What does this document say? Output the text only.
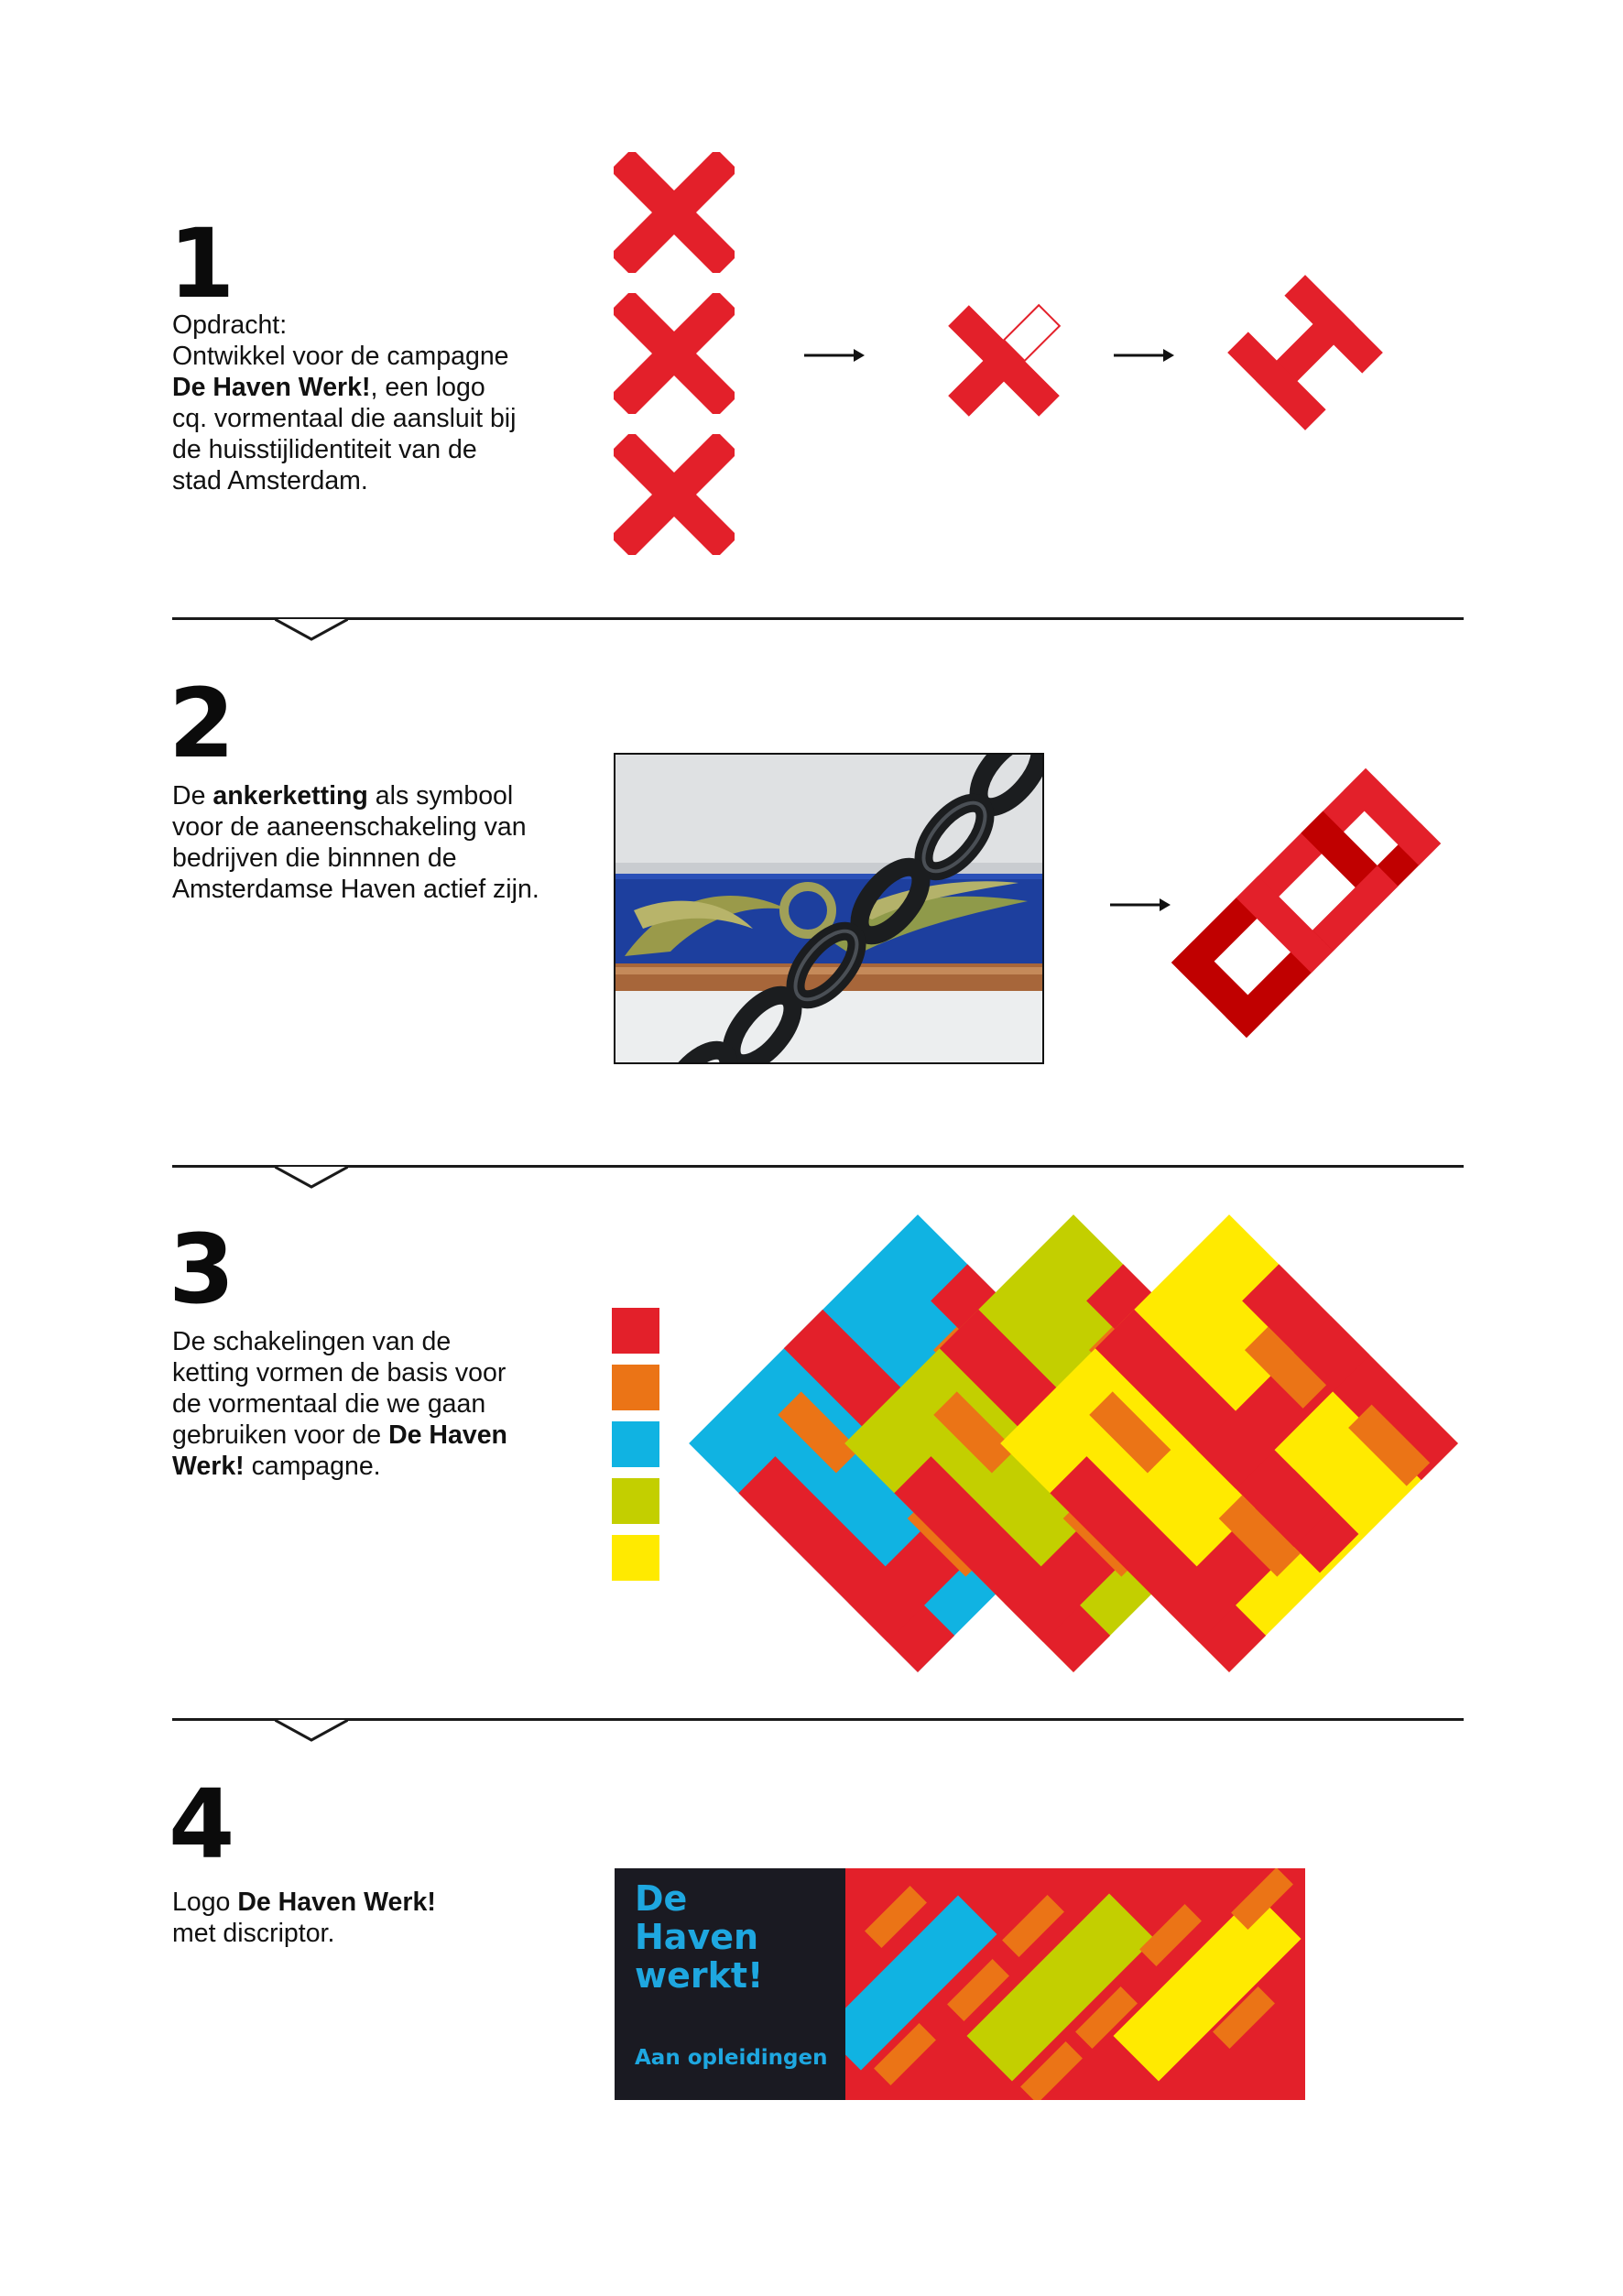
1
Opdracht:
Ontwikkel voor de campagne
De Haven Werk!, een logo
cq. vormentaal die aansluit bij
de huisstijlidentiteit van de
stad Amsterdam.
2
De ankerketting als symbool
voor de aaneenschakeling van
bedrijven die binnnen de
Amsterdamse Haven actief zijn.
3
De schakelingen van de
ketting vormen de basis voor
de vormentaal die we gaan
gebruiken voor de De Haven
Werk! campagne.
4
Logo De Haven Werk!
met discriptor.
De
Haven
werkt!
Aan opleidingen
